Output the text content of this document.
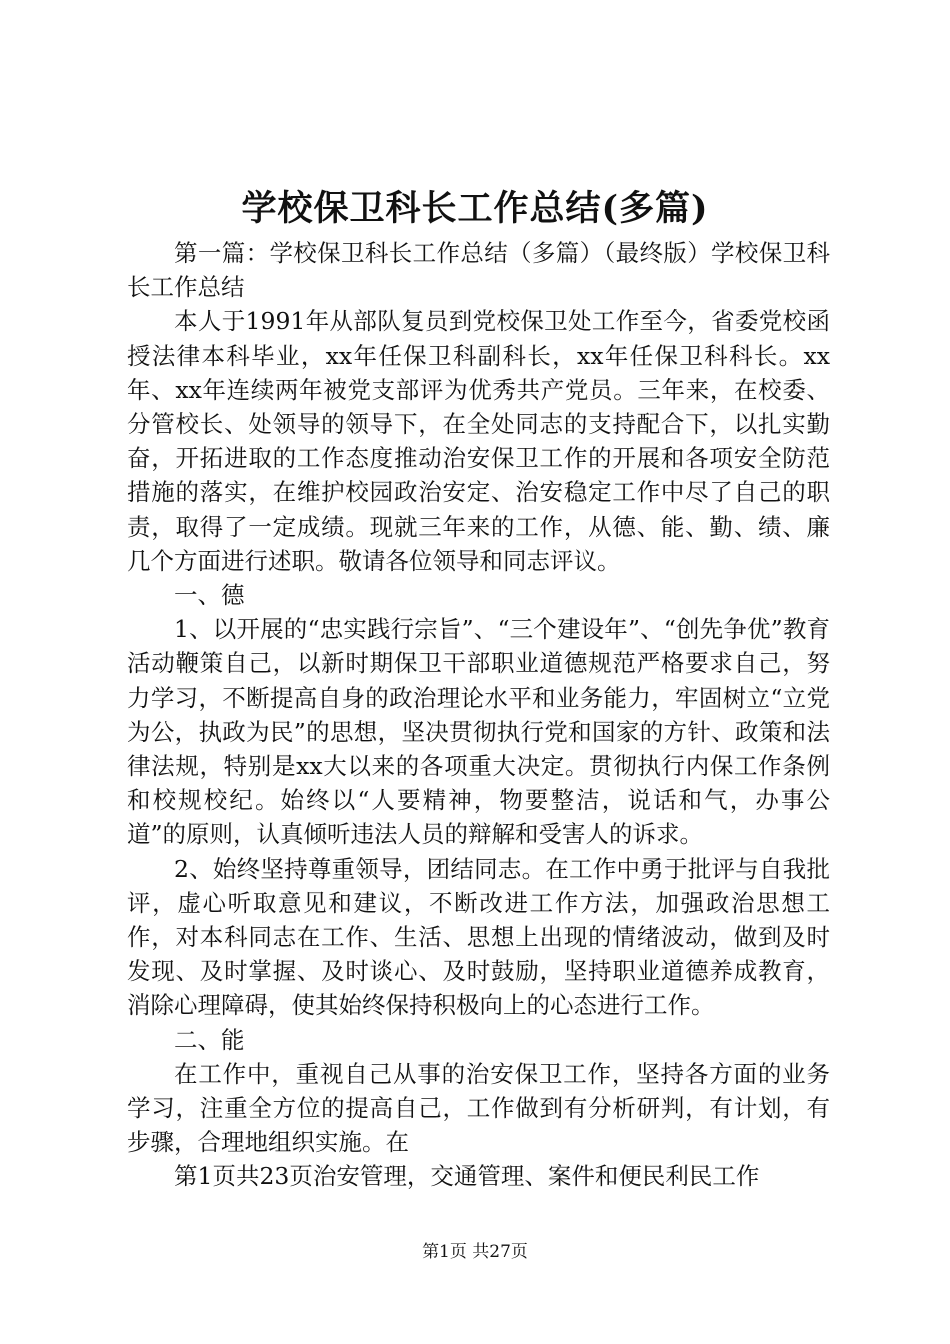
学校保卫科长工作总结(多篇)

第一篇：学校保卫科长工作总结（多篇）（最终版）学校保卫科长工作总结

本人于1991年从部队复员到党校保卫处工作至今，省委党校函授法律本科毕业，xx年任保卫科副科长，xx年任保卫科科长。xx年、xx年连续两年被党支部评为优秀共产党员。三年来，在校委、分管校长、处领导的领导下，在全处同志的支持配合下，以扎实勤奋，开拓进取的工作态度推动治安保卫工作的开展和各项安全防范措施的落实，在维护校园政治安定、治安稳定工作中尽了自己的职责，取得了一定成绩。现就三年来的工作，从德、能、勤、绩、廉几个方面进行述职。敬请各位领导和同志评议。

一、德

1、以开展的“忠实践行宗旨”、“三个建设年”、“创先争优”教育活动鞭策自己，以新时期保卫干部职业道德规范严格要求自己，努力学习，不断提高自身的政治理论水平和业务能力，牢固树立“立党为公，执政为民”的思想，坚决贯彻执行党和国家的方针、政策和法律法规，特别是xx大以来的各项重大决定。贯彻执行内保工作条例和校规校纪。始终以“人要精神，物要整洁，说话和气，办事公道”的原则，认真倾听违法人员的辩解和受害人的诉求。

2、始终坚持尊重领导，团结同志。在工作中勇于批评与自我批评，虚心听取意见和建议，不断改进工作方法，加强政治思想工作，对本科同志在工作、生活、思想上出现的情绪波动，做到及时发现、及时掌握、及时谈心、及时鼓励，坚持职业道德养成教育，消除心理障碍，使其始终保持积极向上的心态进行工作。

二、能

在工作中，重视自己从事的治安保卫工作，坚持各方面的业务学习，注重全方位的提高自己，工作做到有分析研判，有计划，有步骤，合理地组织实施。在

第1页共23页治安管理，交通管理、案件和便民利民工作

第1页 共27页
